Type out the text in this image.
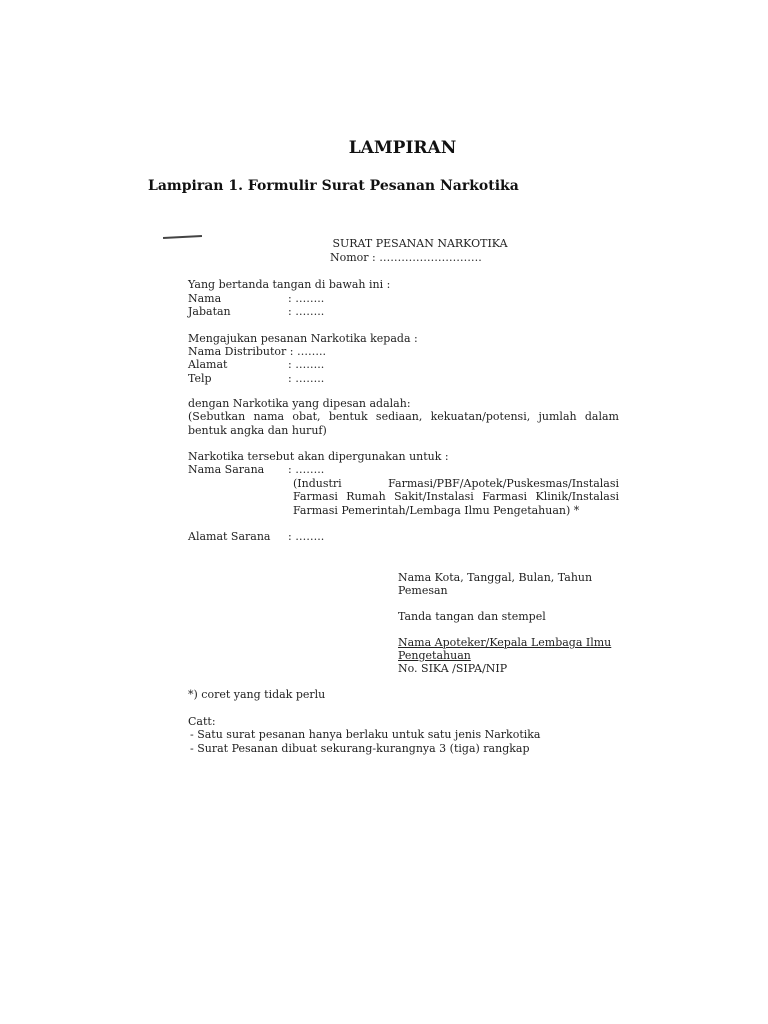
LAMPIRAN
Lampiran 1. Formulir Surat Pesanan Narkotika
SURAT PESANAN NARKOTIKA
Nomor : ……………………….
Yang bertanda tangan di bawah ini :
Nama	: ……..
Jabatan	: ……..
Mengajukan pesanan Narkotika kepada :
Nama Distributor : ……..
Alamat	: ……..
Telp	: ……..
dengan Narkotika yang dipesan adalah:
(Sebutkan nama obat, bentuk sediaan, kekuatan/potensi, jumlah dalam
bentuk angka dan huruf)
Narkotika tersebut akan dipergunakan untuk :
Nama Sarana : ……..
(Industri Farmasi/PBF/Apotek/Puskesmas/Instalasi
Farmasi Rumah Sakit/Instalasi Farmasi Klinik/Instalasi
Farmasi Pemerintah/Lembaga Ilmu Pengetahuan) *
Alamat Sarana : ……..
Nama Kota, Tanggal, Bulan, Tahun
Pemesan
Tanda tangan dan stempel
Nama Apoteker/Kepala Lembaga Ilmu
Pengetahuan
No. SIKA /SIPA/NIP
*) coret yang tidak perlu
Catt:
- Satu surat pesanan hanya berlaku untuk satu jenis Narkotika
- Surat Pesanan dibuat sekurang-kurangnya 3 (tiga) rangkap
